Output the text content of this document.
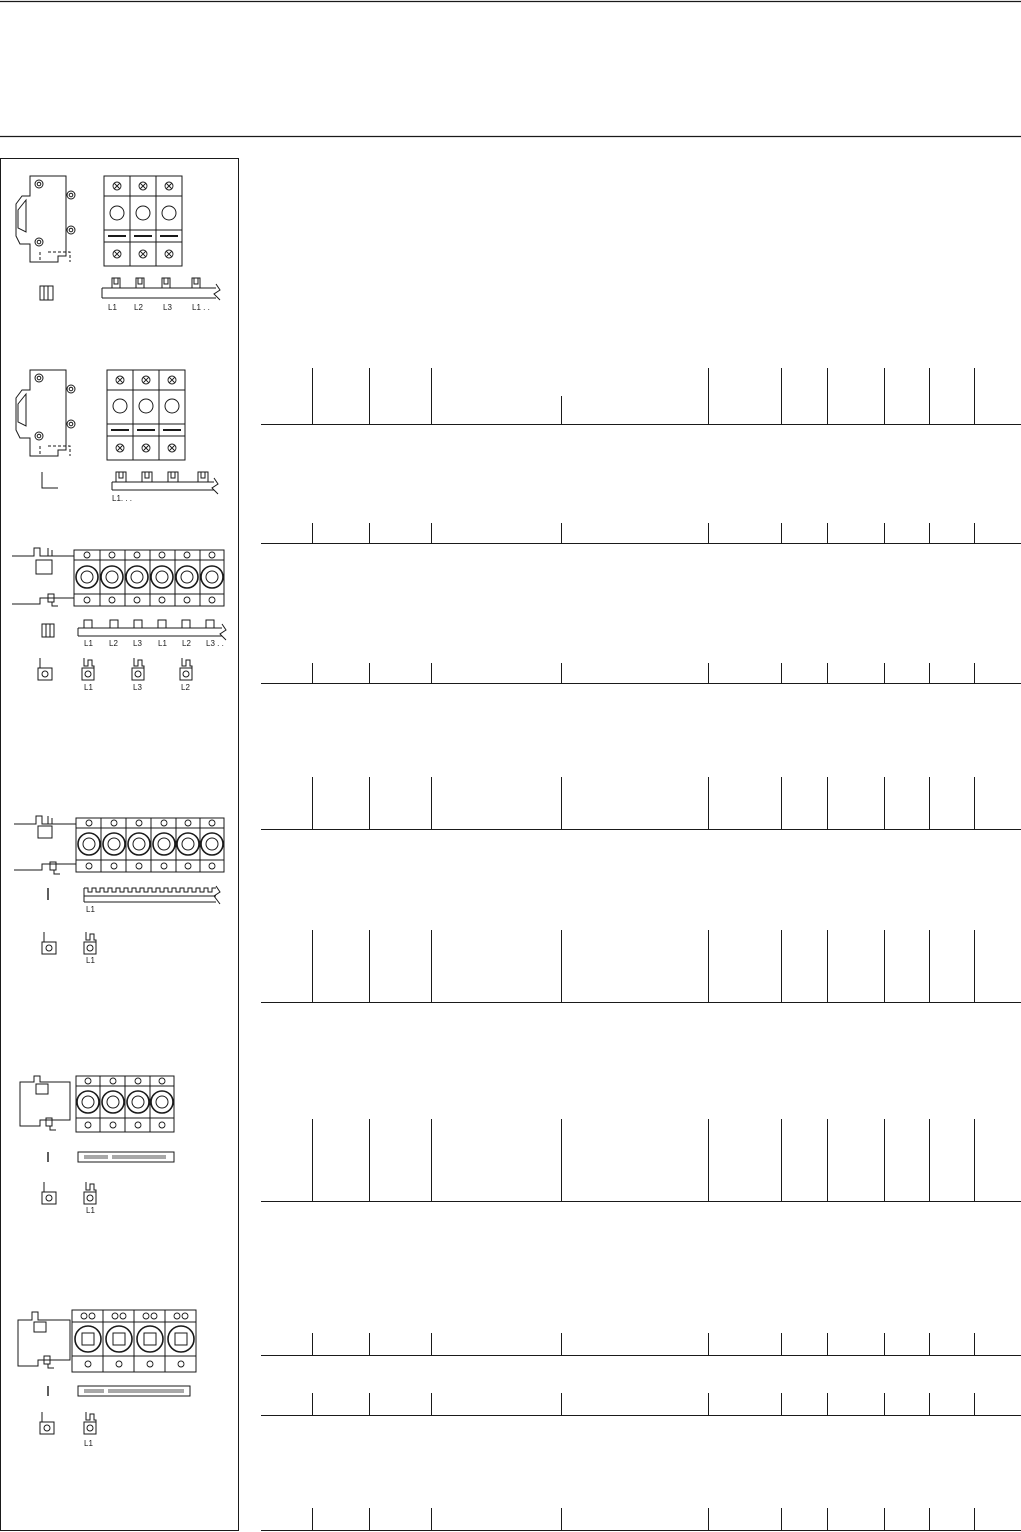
L1 L2	L3	L1 . .
L1. . .
L1 L2 L3 L1 L2 L3 . .
L1	L3	L2
L1
L1
L1
L1
